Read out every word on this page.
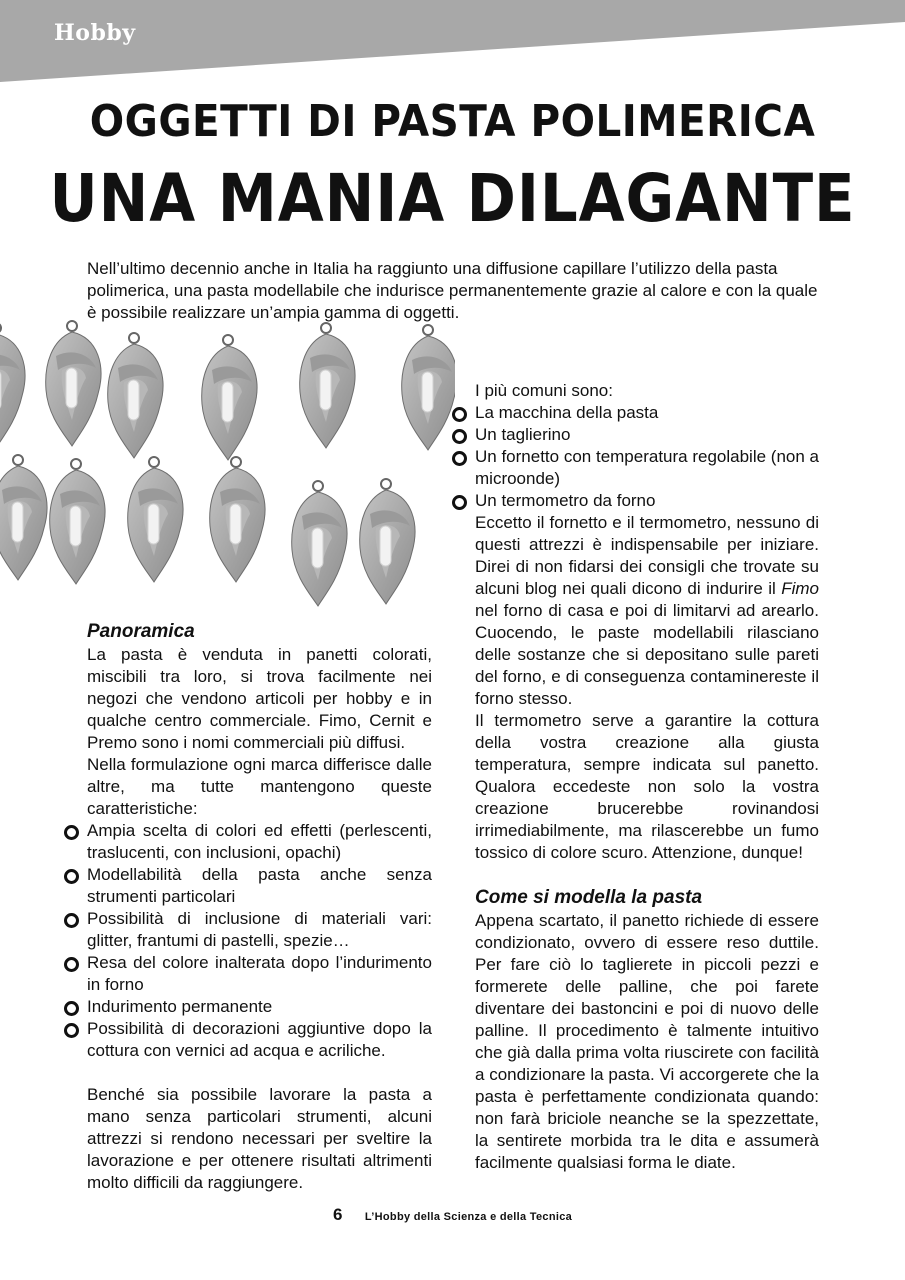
Hobby
OGGETTI DI PASTA POLIMERICA
UNA MANIA DILAGANTE
Nell’ultimo decennio anche in Italia ha raggiunto una diffusione capillare l’utilizzo della pasta polimerica, una pasta modellabile che indurisce permanentemente grazie al calore e con la quale è possibile realizzare un’ampia gamma di oggetti.
Panoramica

La pasta è venduta in panetti colorati, miscibili tra loro, si trova facilmente nei negozi che vendono articoli per hobby e in qualche centro commerciale. Fimo, Cernit e Premo sono i nomi commerciali più diffusi.

Nella formulazione ogni marca differisce dalle altre, ma tutte mantengono queste caratteristiche:

Ampia scelta di colori ed effetti (perlescenti, traslucenti, con inclusioni, opachi)
Modellabilità della pasta anche senza strumenti particolari
Possibilità di inclusione di materiali vari: glitter, frantumi di pastelli, spezie…
Resa del colore inalterata dopo l’indurimento in forno
Indurimento permanente
Possibilità di decorazioni aggiuntive dopo la cottura con vernici ad acqua e acriliche.

Benché sia possibile lavorare la pasta a mano senza particolari strumenti, alcuni attrezzi si rendono necessari per sveltire la lavorazione e per ottenere risultati altrimenti molto difficili da raggiungere.

I più comuni sono:

La macchina della pasta
Un taglierino
Un fornetto con temperatura regolabile (non a microonde)
Un termometro da forno

Eccetto il fornetto e il termometro, nessuno di questi attrezzi è indispensabile per iniziare. Direi di non fidarsi dei consigli che trovate su alcuni blog nei quali dicono di indurire il Fimo nel forno di casa e poi di limitarvi ad arearlo. Cuocendo, le paste modellabili rilasciano delle sostanze che si depositano sulle pareti del forno, e di conseguenza contaminereste il forno stesso.

Il termometro serve a garantire la cottura della vostra creazione alla giusta temperatura, sempre indicata sul panetto. Qualora eccedeste non solo la vostra creazione brucerebbe rovinandosi irrimediabilmente, ma rilascerebbe un fumo tossico di colore scuro. Attenzione, dunque!

Come si modella la pasta

Appena scartato, il panetto richiede di essere condizionato, ovvero di essere reso duttile. Per fare ciò lo taglierete in piccoli pezzi e formerete delle palline, che poi farete diventare dei bastoncini e poi di nuovo delle palline. Il procedimento è talmente intuitivo che già dalla prima volta riuscirete con facilità a condizionare la pasta. Vi accorgerete che la pasta è perfettamente condizionata quando: non farà briciole neanche se la spezzettate, la sentirete morbida tra le dita e assumerà facilmente qualsiasi forma le diate.

6 L’Hobby della Scienza e della Tecnica
